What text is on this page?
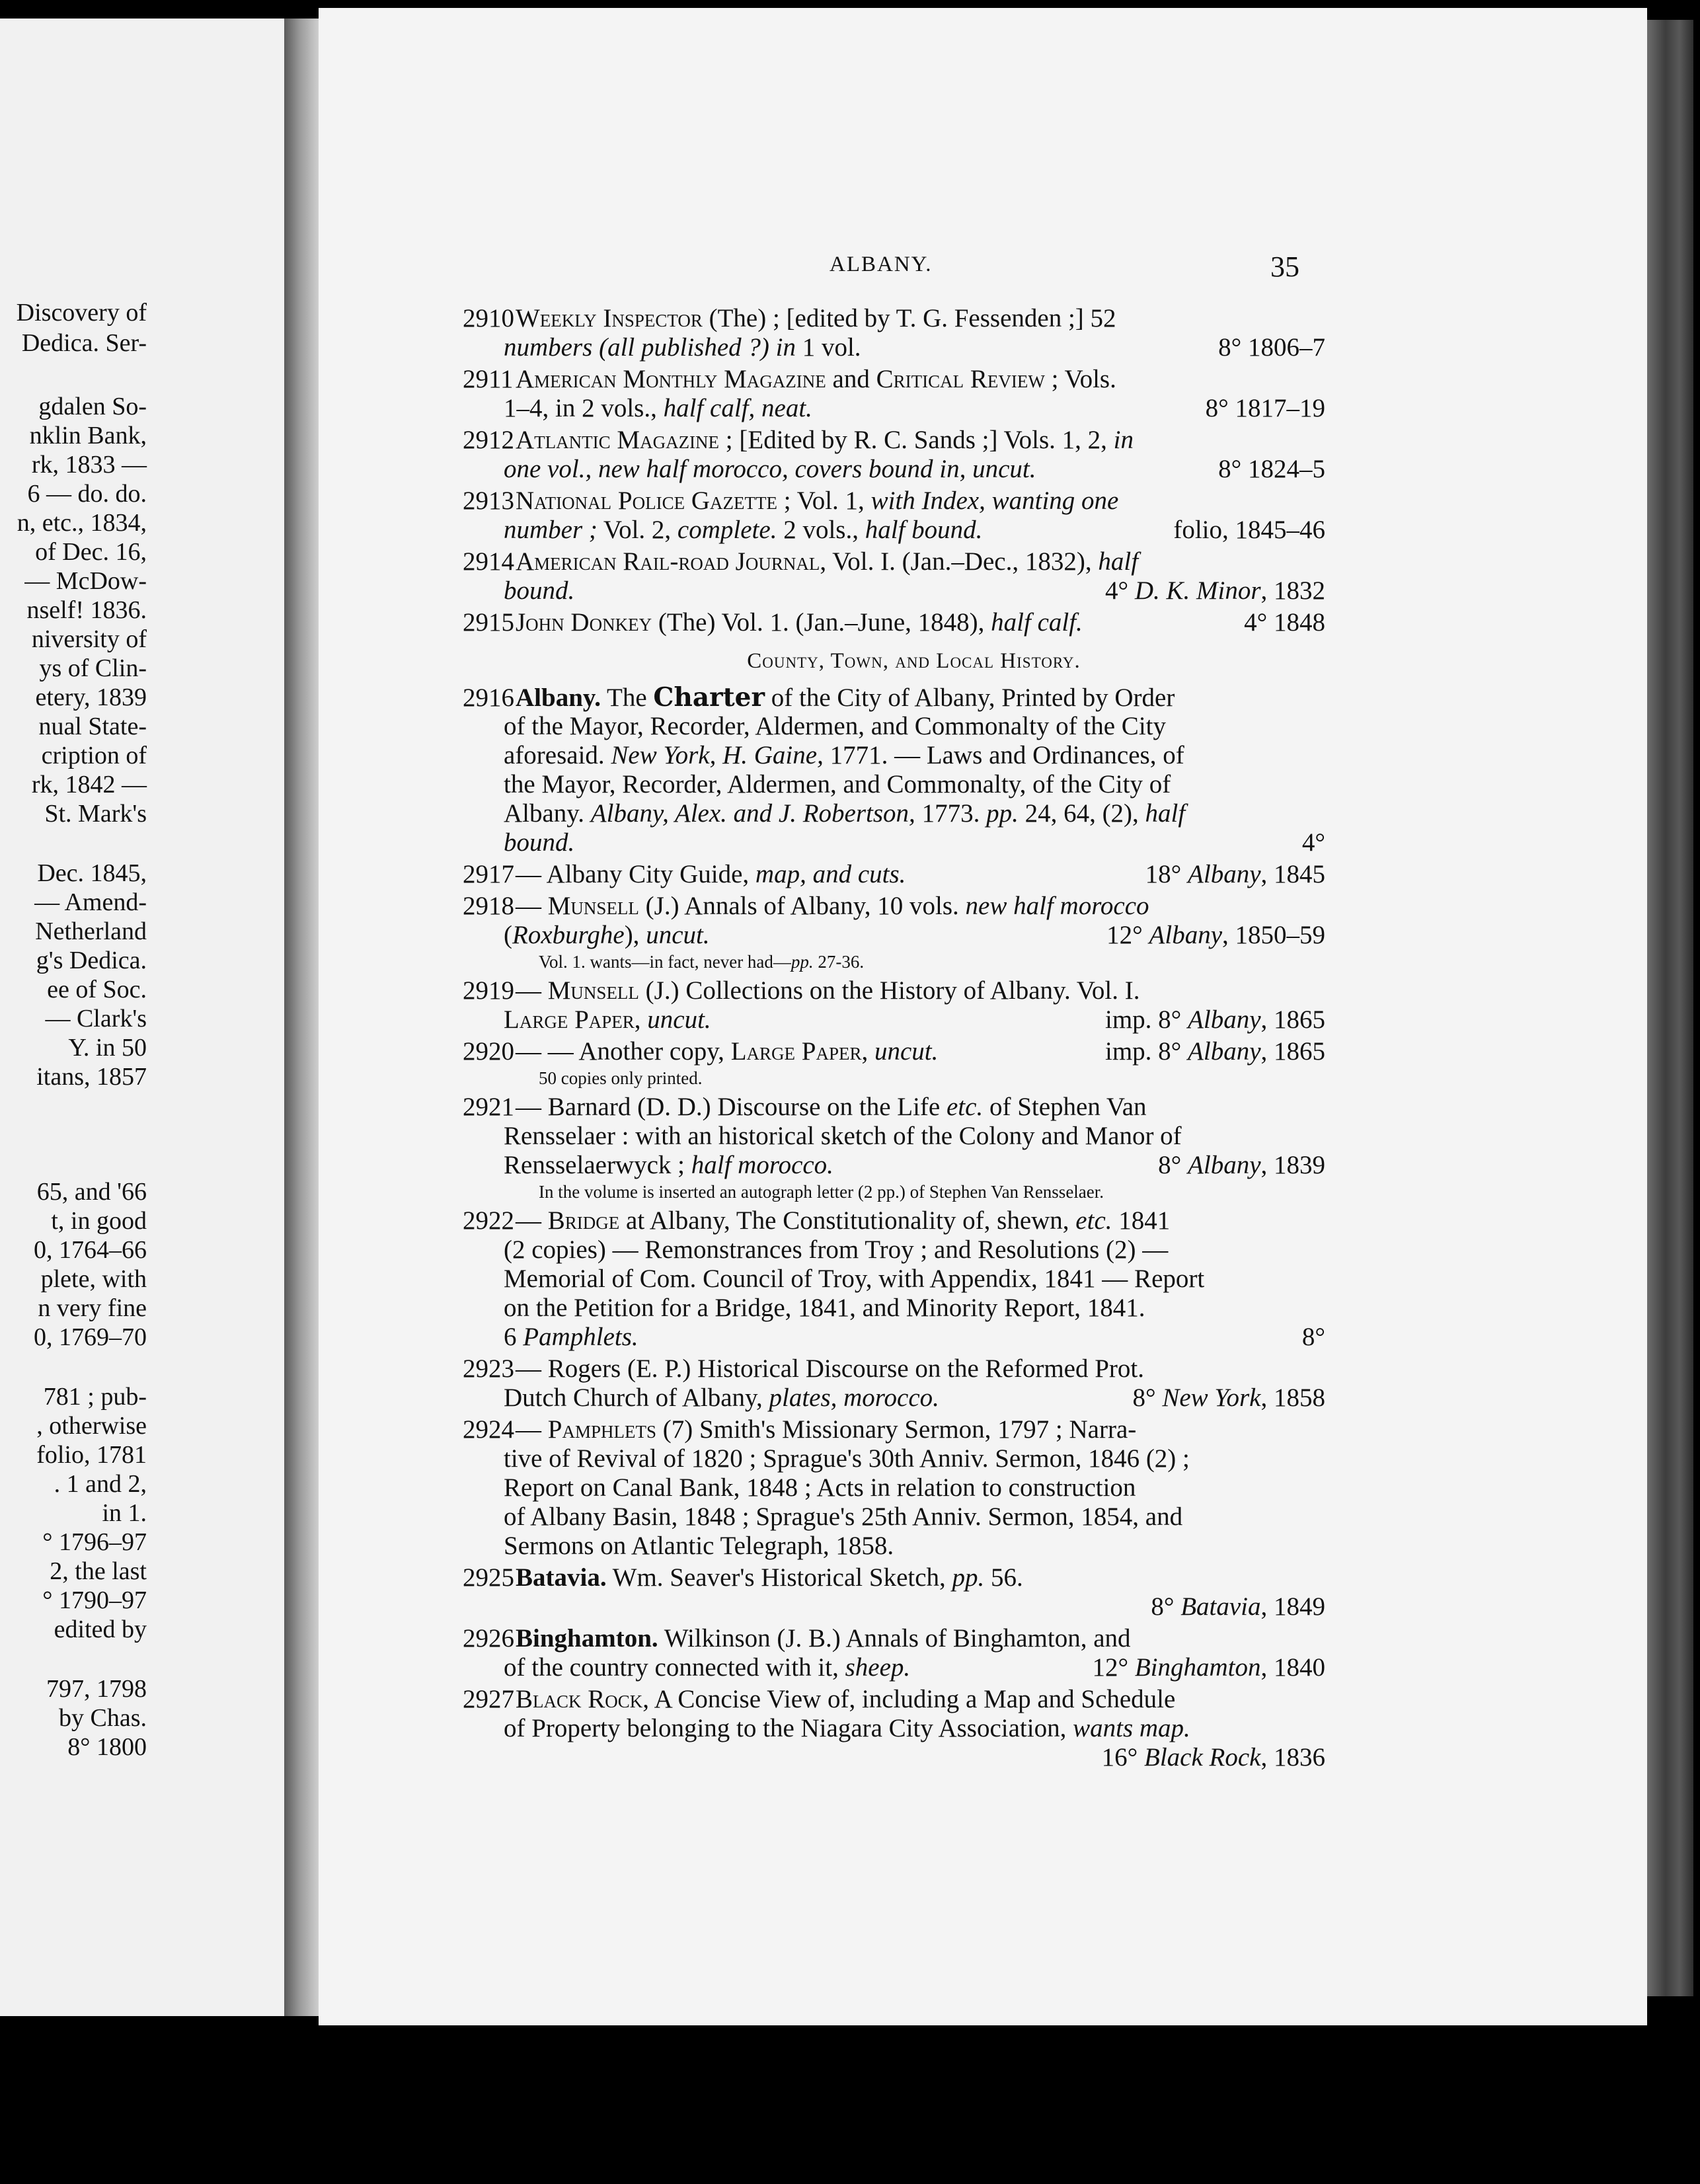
Discovery of
Dedica. Ser-
gdalen So-
nklin Bank,
rk, 1833 —
6 — do. do.
n, etc., 1834,
of Dec. 16,
— McDow-
nself! 1836.
niversity of
ys of Clin-
etery, 1839
nual State-
cription of
rk, 1842 —
St. Mark's
Dec. 1845,
— Amend-
Netherland
g's Dedica.
ee of Soc.
— Clark's
Y. in 50
itans, 1857
65, and '66
t, in good
0, 1764–66
plete, with
n very fine
0, 1769–70
781 ; pub-
, otherwise
folio, 1781
. 1 and 2,
in 1.
° 1796–97
2, the last
° 1790–97
edited by
797, 1798
by Chas.
8° 1800
ALBANY.	35
2910Weekly Inspector (The) ; [edited by T. G. Fessenden ;] 52
numbers (all published ?) in 1 vol.	8° 1806–7
2911American Monthly Magazine and Critical Review ; Vols.
1–4, in 2 vols., half calf, neat.	8° 1817–19
2912Atlantic Magazine ; [Edited by R. C. Sands ;] Vols. 1, 2, in
one vol., new half morocco, covers bound in, uncut.	8° 1824–5
2913National Police Gazette ; Vol. 1, with Index, wanting one
number ; Vol. 2, complete. 2 vols., half bound.	folio, 1845–46
2914American Rail-road Journal, Vol. I. (Jan.–Dec., 1832), half
bound.	4° D. K. Minor, 1832
2915John Donkey (The) Vol. 1. (Jan.–June, 1848), half calf.	4° 1848
County, Town, and Local History.
2916Albany. The Charter of the City of Albany, Printed by Order
of the Mayor, Recorder, Aldermen, and Commonalty of the City
aforesaid. New York, H. Gaine, 1771. — Laws and Ordinances, of
the Mayor, Recorder, Aldermen, and Commonalty, of the City of
Albany. Albany, Alex. and J. Robertson, 1773. pp. 24, 64, (2), half
bound.	4°
2917— Albany City Guide, map, and cuts.	18° Albany, 1845
2918— Munsell (J.) Annals of Albany, 10 vols. new half morocco
(Roxburghe), uncut.	12° Albany, 1850–59
Vol. 1. wants—in fact, never had—pp. 27-36.
2919— Munsell (J.) Collections on the History of Albany. Vol. I.
Large Paper, uncut.	imp. 8° Albany, 1865
2920— — Another copy, Large Paper, uncut.	imp. 8° Albany, 1865
50 copies only printed.
2921— Barnard (D. D.) Discourse on the Life etc. of Stephen Van
Rensselaer : with an historical sketch of the Colony and Manor of
Rensselaerwyck ; half morocco.	8° Albany, 1839
In the volume is inserted an autograph letter (2 pp.) of Stephen Van Rensselaer.
2922— Bridge at Albany, The Constitutionality of, shewn, etc. 1841
(2 copies) — Remonstrances from Troy ; and Resolutions (2) —
Memorial of Com. Council of Troy, with Appendix, 1841 — Report
on the Petition for a Bridge, 1841, and Minority Report, 1841.
6 Pamphlets.	8°
2923— Rogers (E. P.) Historical Discourse on the Reformed Prot.
Dutch Church of Albany, plates, morocco.	8° New York, 1858
2924— Pamphlets (7) Smith's Missionary Sermon, 1797 ; Narra-
tive of Revival of 1820 ; Sprague's 30th Anniv. Sermon, 1846 (2) ;
Report on Canal Bank, 1848 ; Acts in relation to construction
of Albany Basin, 1848 ; Sprague's 25th Anniv. Sermon, 1854, and
Sermons on Atlantic Telegraph, 1858.
2925Batavia. Wm. Seaver's Historical Sketch, pp. 56.
8° Batavia, 1849
2926Binghamton. Wilkinson (J. B.) Annals of Binghamton, and
of the country connected with it, sheep.	12° Binghamton, 1840
2927Black Rock, A Concise View of, including a Map and Schedule
of Property belonging to the Niagara City Association, wants map.
16° Black Rock, 1836
